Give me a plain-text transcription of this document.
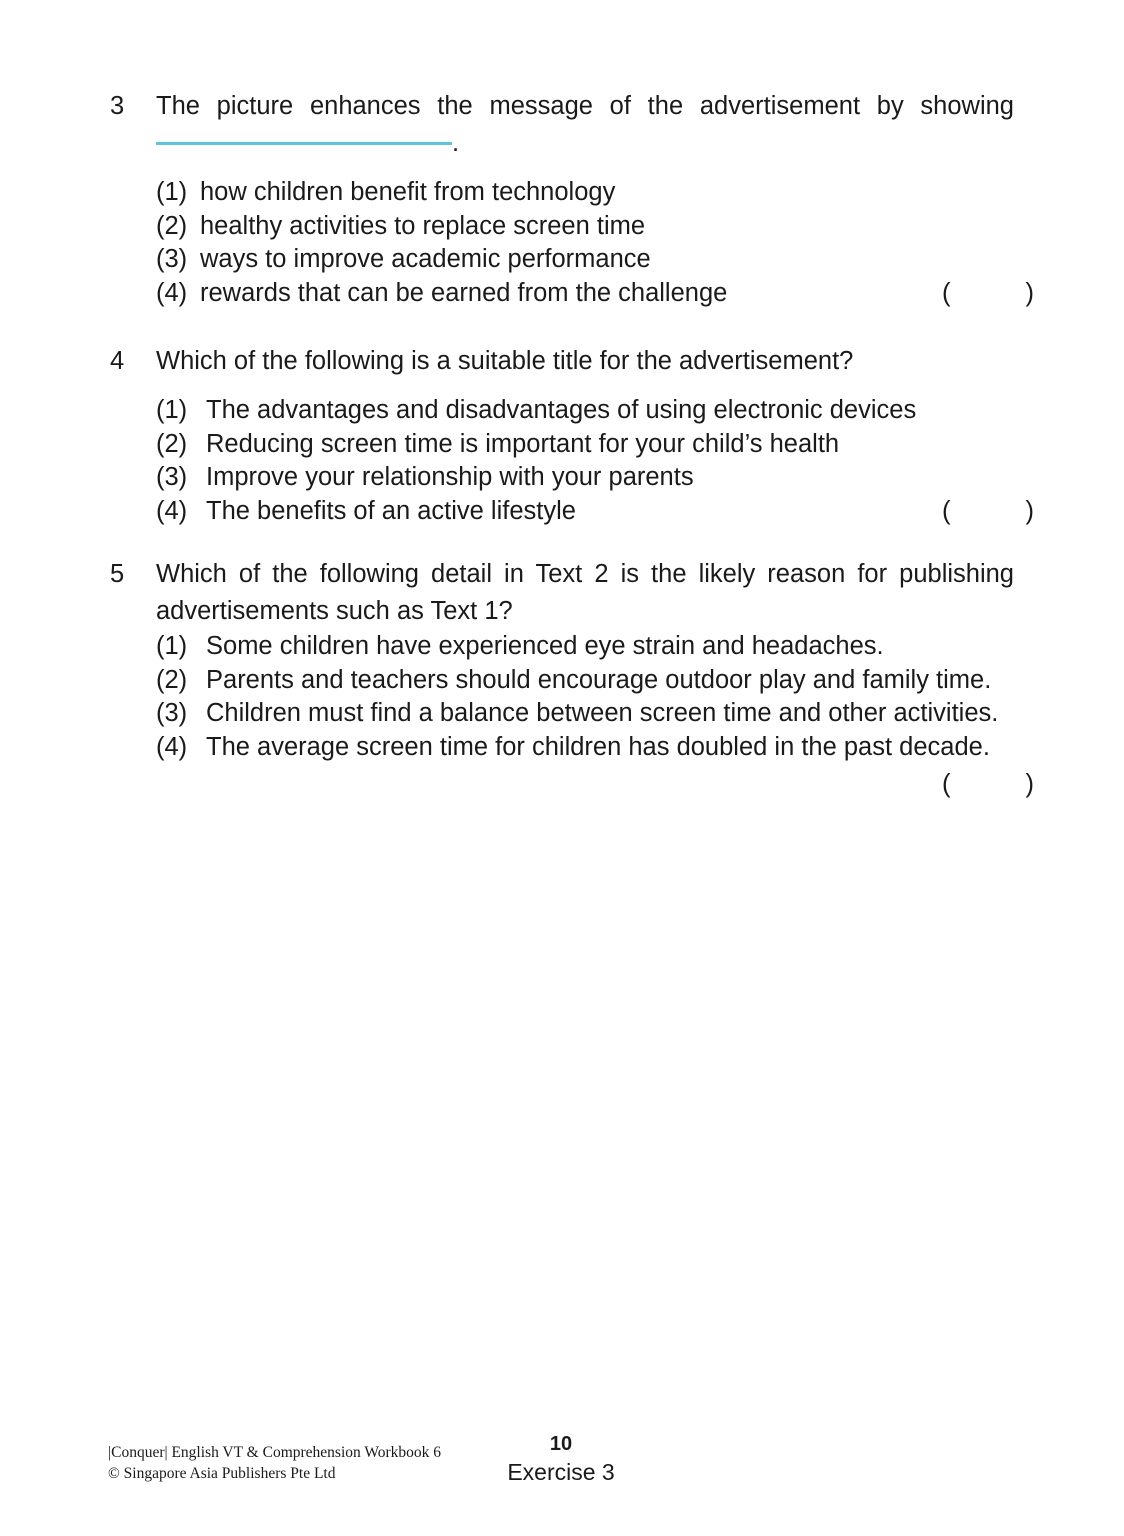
3	The picture enhances the message of the advertisement by showing
.
(1) how children benefit from technology
(2) healthy activities to replace screen time
(3) ways to improve academic performance
(4) rewards that can be earned from the challenge	(	)
4	Which of the following is a suitable title for the advertisement?
(1) The advantages and disadvantages of using electronic devices
(2) Reducing screen time is important for your child’s health
(3) Improve your relationship with your parents
(4) The benefits of an active lifestyle	(	)
5	Which of the following detail in Text 2 is the likely reason for publishing
advertisements such as Text 1?
(1) Some children have experienced eye strain and headaches.
(2) Parents and teachers should encourage outdoor play and family time.
(3) Children must find a balance between screen time and other activities.
(4) The average screen time for children has doubled in the past decade.
(	)
|Conquer| English VT & Comprehension Workbook 6
© Singapore Asia Publishers Pte Ltd
10
Exercise 3
